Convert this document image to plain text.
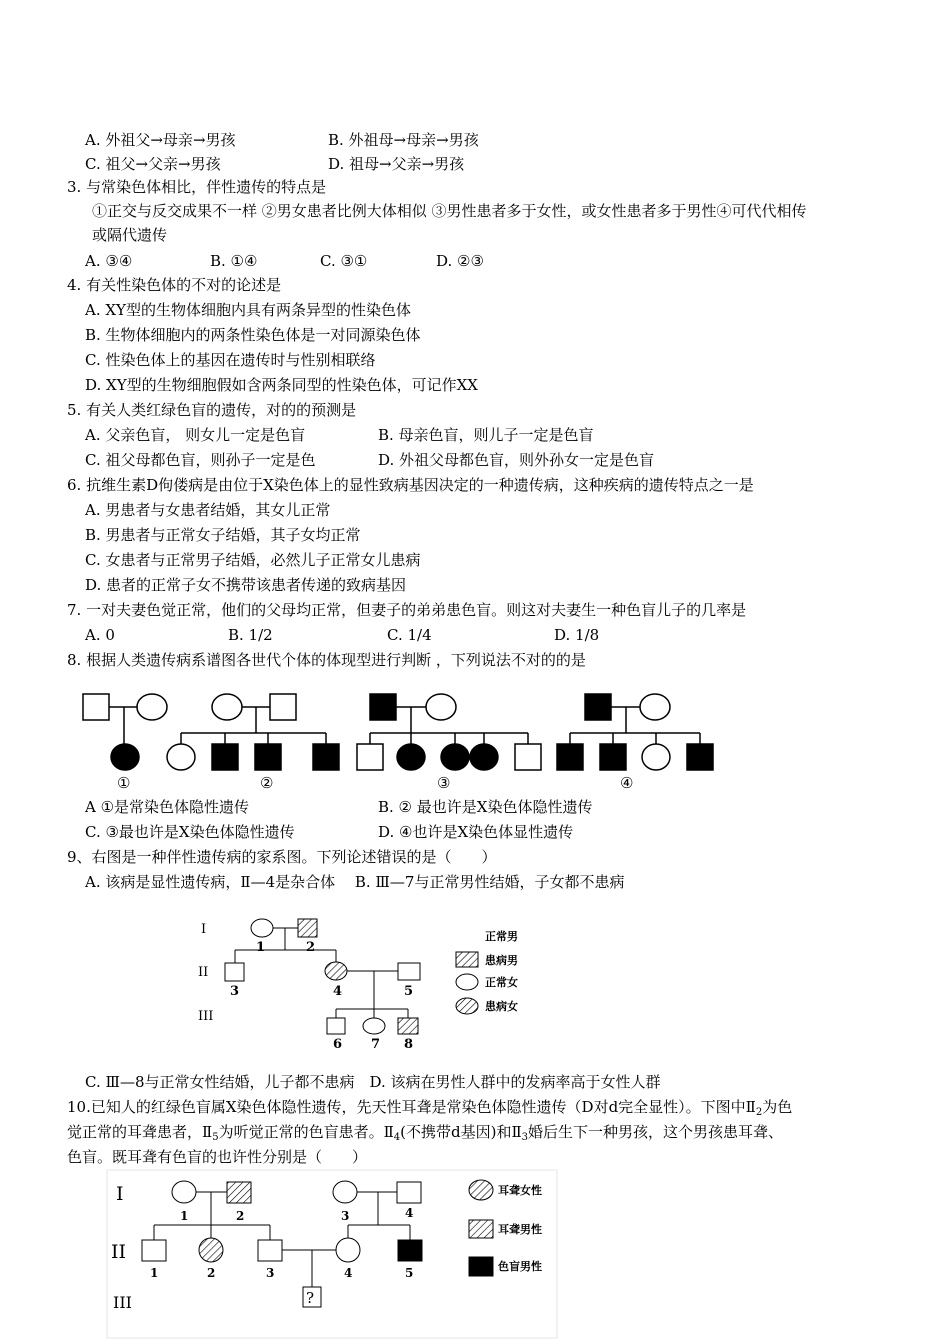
A. 外祖父→母亲→男孩	B. 外祖母→母亲→男孩
C. 祖父→父亲→男孩	D. 祖母→父亲→男孩
3. 与常染色体相比，伴性遗传的特点是
①正交与反交成果不一样 ②男女患者比例大体相似 ③男性患者多于女性，或女性患者多于男性④可代代相传
或隔代遗传
A. ③④	B. ①④	C. ③①	D. ②③
4. 有关性染色体的不对的论述是
A. XY型的生物体细胞内具有两条异型的性染色体
B. 生物体细胞内的两条性染色体是一对同源染色体
C. 性染色体上的基因在遗传时与性别相联络
D. XY型的生物细胞假如含两条同型的性染色体，可记作XX
5. 有关人类红绿色盲的遗传，对的的预测是
A. 父亲色盲， 则女儿一定是色盲	B. 母亲色盲，则儿子一定是色盲
C. 祖父母都色盲，则孙子一定是色	D. 外祖父母都色盲，则外孙女一定是色盲
6. 抗维生素D佝偻病是由位于X染色体上的显性致病基因决定的一种遗传病，这种疾病的遗传特点之一是
A. 男患者与女患者结婚，其女儿正常
B. 男患者与正常女子结婚，其子女均正常
C. 女患者与正常男子结婚，必然儿子正常女儿患病
D. 患者的正常子女不携带该患者传递的致病基因
7. 一对夫妻色觉正常，他们的父母均正常，但妻子的弟弟患色盲。则这对夫妻生一种色盲儿子的几率是
A. 0	B. 1/2	C. 1/4	D. 1/8
8. 根据人类遗传病系谱图各世代个体的体现型进行判断 ，下列说法不对的的是
①	②	③	④
A ①是常染色体隐性遗传	B. ② 最也许是X染色体隐性遗传
C. ③最也许是X染色体隐性遗传	D. ④也许是X染色体显性遗传
9、右图是一种伴性遗传病的家系图。下列论述错误的是（　　）
A. 该病是显性遗传病，Ⅱ—4是杂合体　 B. Ⅲ—7与正常男性结婚，子女都不患病
I
II
III
1	2
3	4	5
6 7 8
正常男
患病男
正常女
患病女
C. Ⅲ—8与正常女性结婚，儿子都不患病　D. 该病在男性人群中的发病率高于女性人群
10.已知人的红绿色盲属X染色体隐性遗传，先天性耳聋是常染色体隐性遗传（D对d完全显性）。下图中$Ⅱ_2$为色
觉正常的耳聋患者，$Ⅱ_5$为听觉正常的色盲患者。$Ⅱ_4$(不携带d基因)和$Ⅱ_3$婚后生下一种男孩，这个男孩患耳聋、
色盲。既耳聋有色盲的也许性分别是（　　）
I
II
III
1	2	3	4
1	2	3	4	5
?
耳聋女性
耳聋男性
色盲男性
